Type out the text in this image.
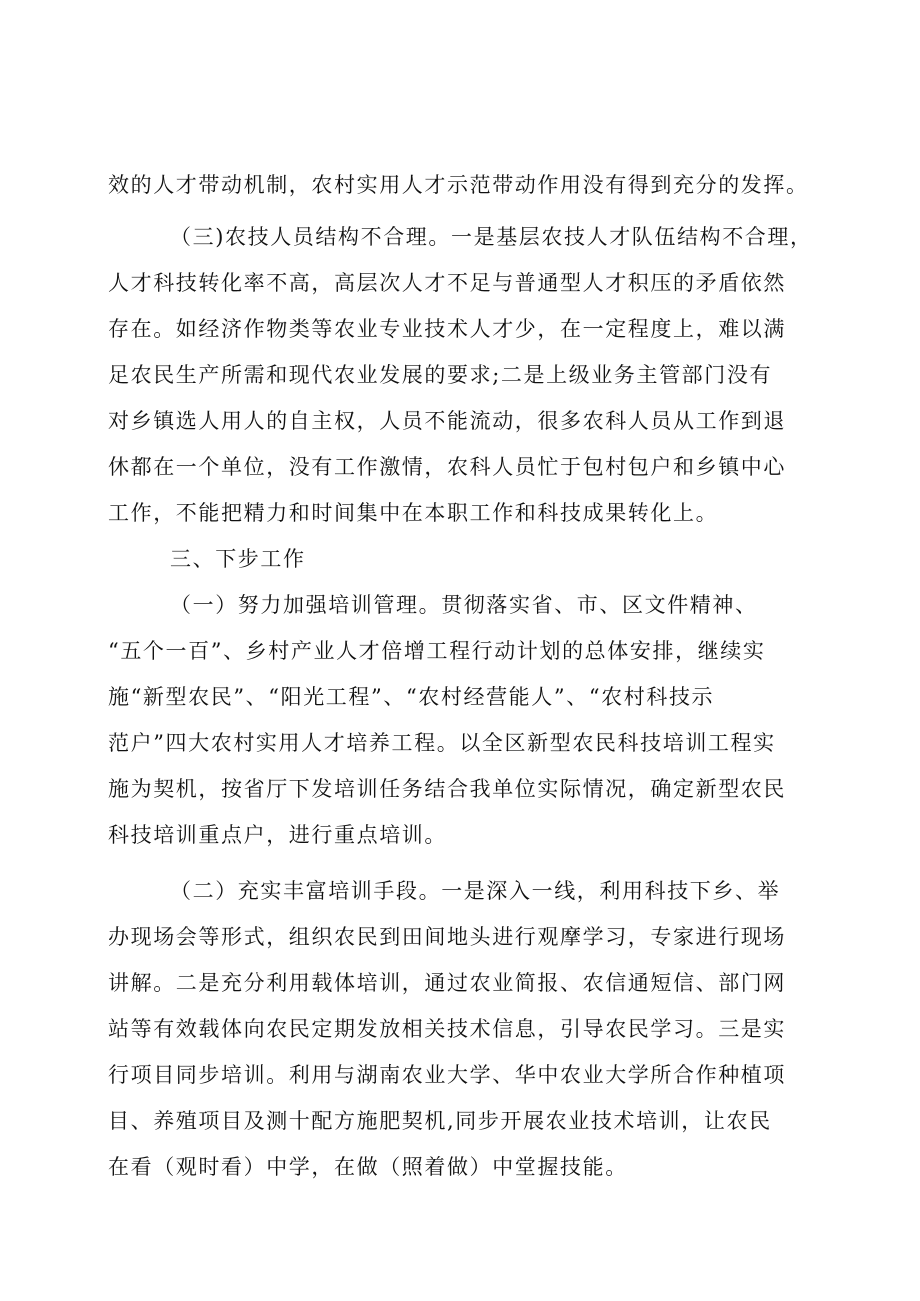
效的人才带动机制，农村实用人才示范带动作用没有得到充分的发挥。
（三)农技人员结构不合理。一是基层农技人才队伍结构不合理，
人才科技转化率不高，高层次人才不足与普通型人才积压的矛盾依然
存在。如经济作物类等农业专业技术人才少，在一定程度上，难以满
足农民生产所需和现代农业发展的要求;二是上级业务主管部门没有
对乡镇选人用人的自主权，人员不能流动，很多农科人员从工作到退
休都在一个单位，没有工作激情，农科人员忙于包村包户和乡镇中心
工作，不能把精力和时间集中在本职工作和科技成果转化上。
三、下步工作
（一）努力加强培训管理。贯彻落实省、市、区文件精神、
“五个一百”、乡村产业人才倍增工程行动计划的总体安排，继续实
施“新型农民”、“阳光工程”、“农村经营能人”、“农村科技示
范户”四大农村实用人才培养工程。以全区新型农民科技培训工程实
施为契机，按省厅下发培训任务结合我单位实际情况，确定新型农民
科技培训重点户，进行重点培训。
（二）充实丰富培训手段。一是深入一线，利用科技下乡、举
办现场会等形式，组织农民到田间地头进行观摩学习，专家进行现场
讲解。二是充分利用载体培训，通过农业简报、农信通短信、部门网
站等有效载体向农民定期发放相关技术信息，引导农民学习。三是实
行项目同步培训。利用与湖南农业大学、华中农业大学所合作种植项
目、养殖项目及测十配方施肥契机,同步开展农业技术培训，让农民
在看（观时看）中学，在做（照着做）中堂握技能。
